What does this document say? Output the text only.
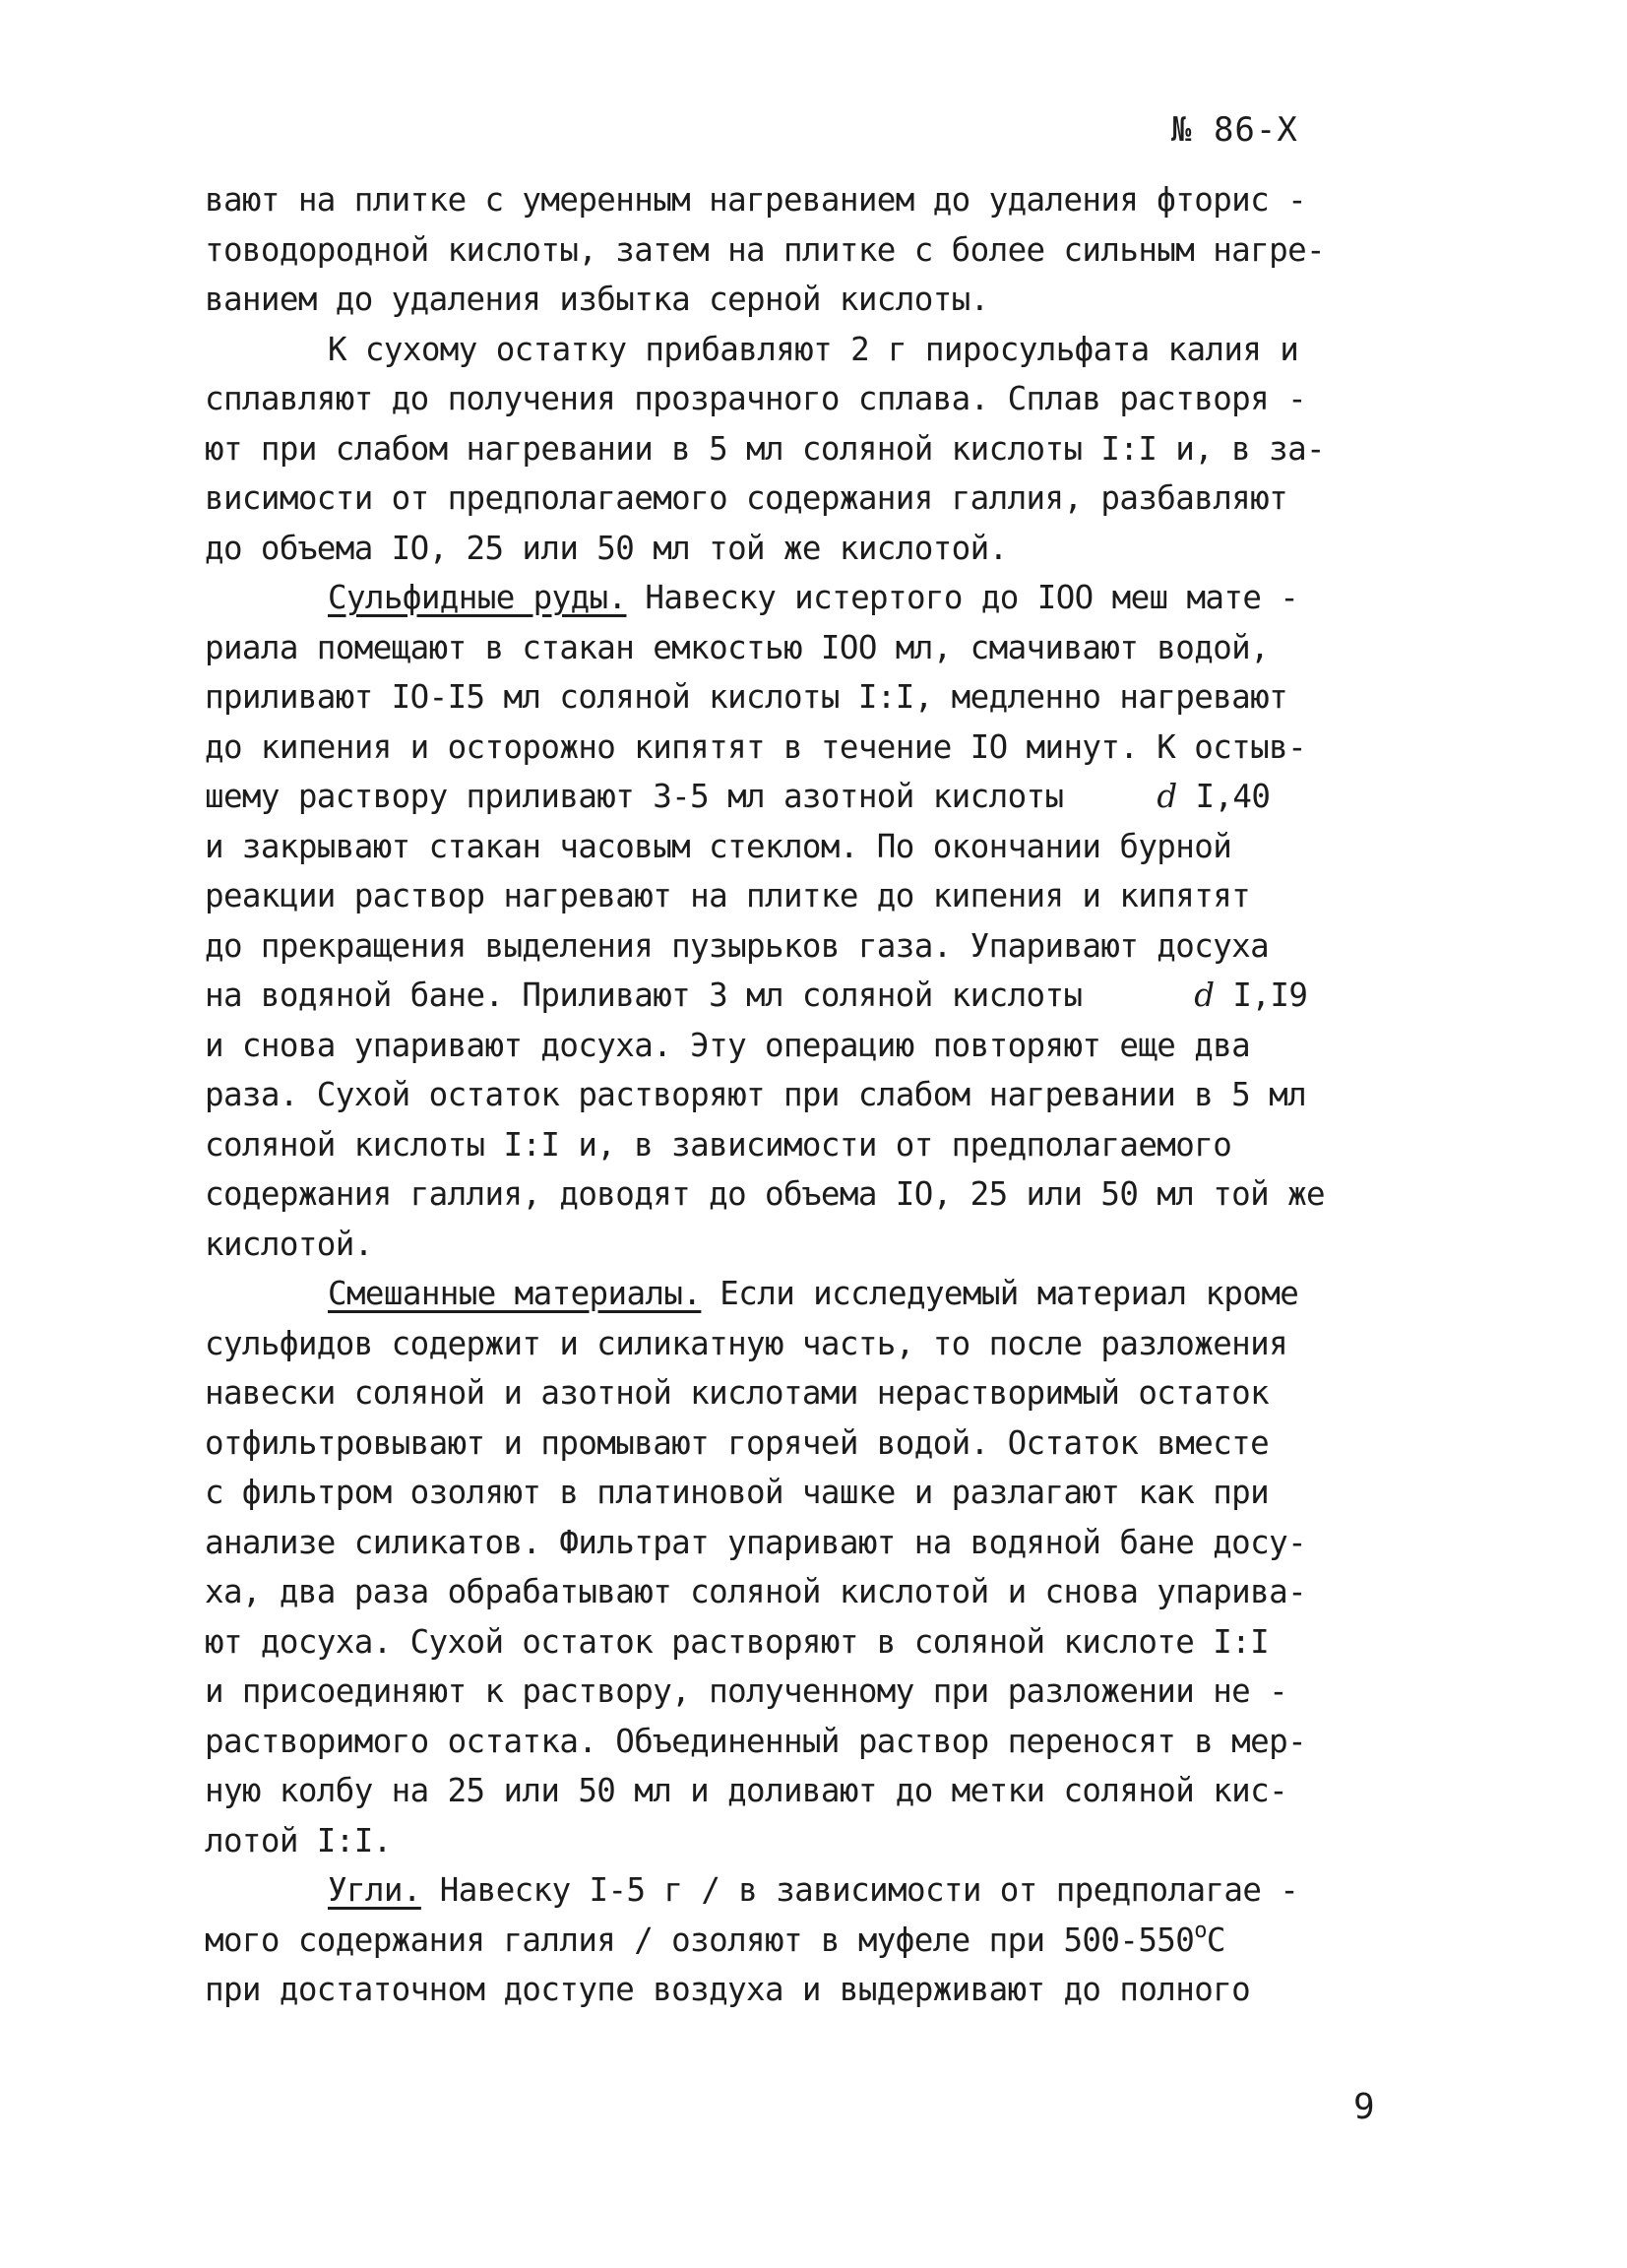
№ 86-Х
вают на плитке с умеренным нагреванием до удаления фторис -
товодородной кислоты, затем на плитке с более сильным нагре-
ванием до удаления избытка серной кислоты.
К сухому остатку прибавляют 2 г пиросульфата калия и
сплавляют до получения прозрачного сплава. Сплав растворя -
ют при слабом нагревании в 5 мл соляной кислоты I:I и, в за-
висимости от предполагаемого содержания галлия, разбавляют
до объема IO, 25 или 50 мл той же кислотой.
Сульфидные руды. Навеску истертого до IOO меш мате -
риала помещают в стакан емкостью IOO мл, смачивают водой,
приливают IO-I5 мл соляной кислоты I:I, медленно нагревают
до кипения и осторожно кипятят в течение IO минут. К остыв-
шему раствору приливают 3-5 мл азотной кислоты	d I,40
и закрывают стакан часовым стеклом. По окончании бурной
реакции раствор нагревают на плитке до кипения и кипятят
до прекращения выделения пузырьков газа. Упаривают досуха
на водяной бане. Приливают 3 мл соляной кислоты	d I,I9
и снова упаривают досуха. Эту операцию повторяют еще два
раза. Сухой остаток растворяют при слабом нагревании в 5 мл
соляной кислоты I:I и, в зависимости от предполагаемого
содержания галлия, доводят до объема IO, 25 или 50 мл той же
кислотой.
Смешанные материалы. Если исследуемый материал кроме
сульфидов содержит и силикатную часть, то после разложения
навески соляной и азотной кислотами нерастворимый остаток
отфильтровывают и промывают горячей водой. Остаток вместе
с фильтром озоляют в платиновой чашке и разлагают как при
анализе силикатов. Фильтрат упаривают на водяной бане досу-
ха, два раза обрабатывают соляной кислотой и снова упарива-
ют досуха. Сухой остаток растворяют в соляной кислоте I:I
и присоединяют к раствору, полученному при разложении не -
растворимого остатка. Объединенный раствор переносят в мер-
ную колбу на 25 или 50 мл и доливают до метки соляной кис-
лотой I:I.
Угли. Навеску I-5 г / в зависимости от предполагае -
мого содержания галлия / озоляют в муфеле при 500-550$^o$C
при достаточном доступе воздуха и выдерживают до полного
9
